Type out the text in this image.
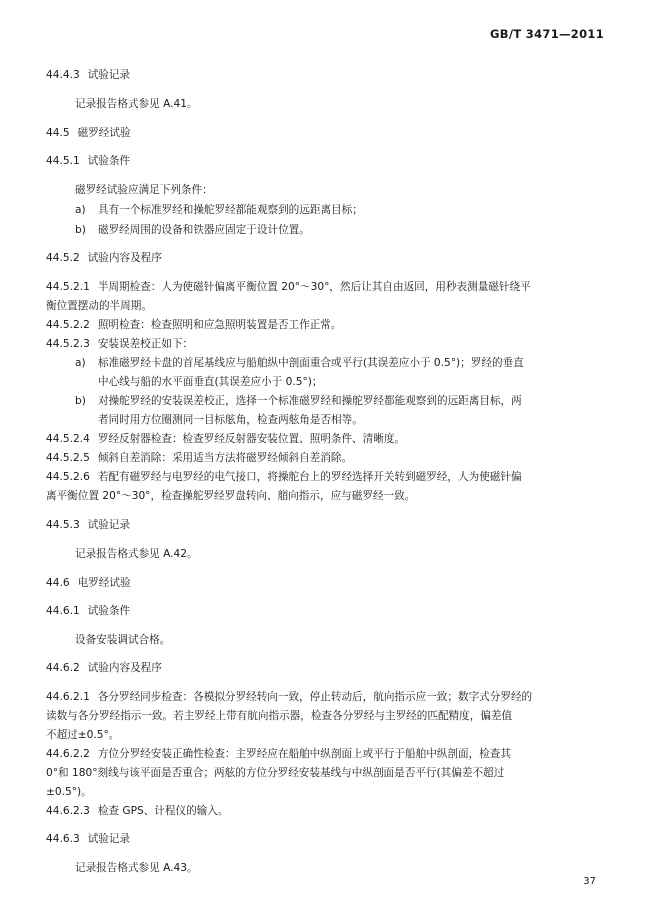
GB/T 3471—2011
44.4.3 试验记录
记录报告格式参见 A.41。
44.5 磁罗经试验
44.5.1 试验条件
磁罗经试验应满足下列条件：
a) 具有一个标准罗经和操舵罗经都能观察到的远距离目标；
b) 磁罗经周围的设备和铁器应固定于设计位置。
44.5.2 试验内容及程序
44.5.2.1 半周期检查：人为使磁针偏离平衡位置 20°～30°，然后让其自由返回，用秒表测量磁针绕平
衡位置摆动的半周期。
44.5.2.2 照明检查：检查照明和应急照明装置是否工作正常。
44.5.2.3 安装误差校正如下：
a) 标准磁罗经卡盘的首尾基线应与船舶纵中剖面重合或平行(其误差应小于 0.5°)；罗经的垂直
中心线与船的水平面垂直(其误差应小于 0.5°)；
b) 对操舵罗经的安装误差校正，选择一个标准磁罗经和操舵罗经都能观察到的远距离目标，两
者同时用方位圈测同一目标舷角，检查两舷角是否相等。
44.5.2.4 罗经反射器检查：检查罗经反射器安装位置、照明条件、清晰度。
44.5.2.5 倾斜自差消除：采用适当方法将磁罗经倾斜自差消除。
44.5.2.6 若配有磁罗经与电罗经的电气接口，将操舵台上的罗经选择开关转到磁罗经，人为使磁针偏
离平衡位置 20°～30°，检查操舵罗经罗盘转向、艏向指示，应与磁罗经一致。
44.5.3 试验记录
记录报告格式参见 A.42。
44.6 电罗经试验
44.6.1 试验条件
设备安装调试合格。
44.6.2 试验内容及程序
44.6.2.1 各分罗经同步检查：各模拟分罗经转向一致，停止转动后，航向指示应一致；数字式分罗经的
读数与各分罗经指示一致。若主罗经上带有航向指示器，检查各分罗经与主罗经的匹配精度，偏差值
不超过±0.5°。
44.6.2.2 方位分罗经安装正确性检查：主罗经应在船舶中纵剖面上或平行于船舶中纵剖面，检查其
0°和 180°刻线与该平面是否重合；两舷的方位分罗经安装基线与中纵剖面是否平行(其偏差不超过
±0.5°)。
44.6.2.3 检查 GPS、计程仪的输入。
44.6.3 试验记录
记录报告格式参见 A.43。
37
